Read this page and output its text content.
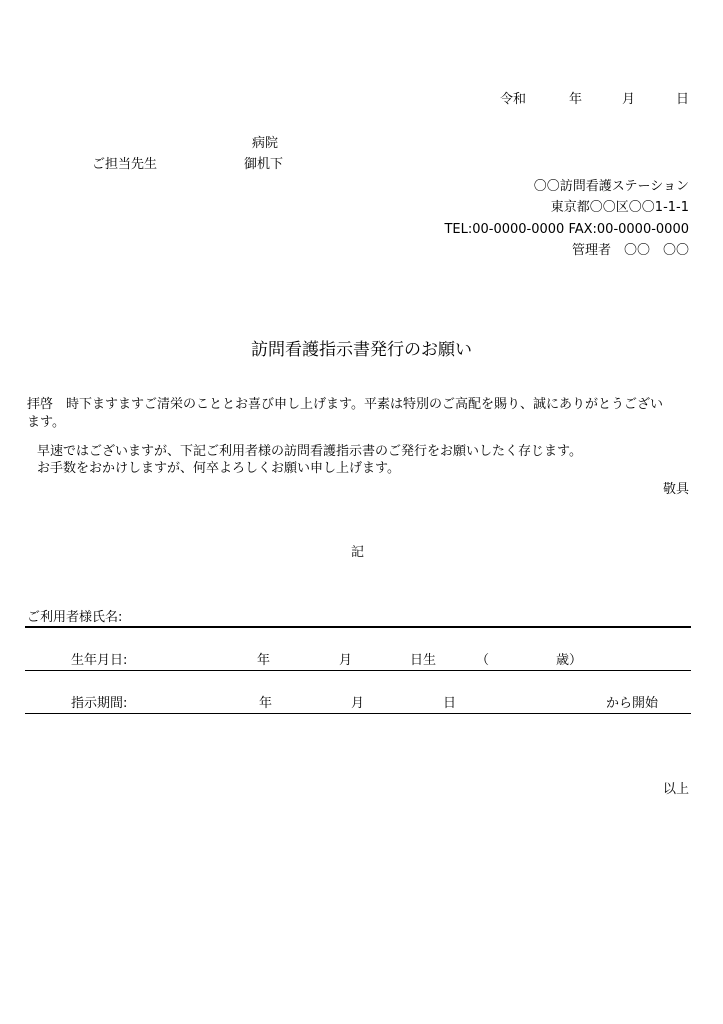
令和	年	月	日
病院
ご担当先生	御机下
〇〇訪問看護ステーション
東京都〇〇区〇〇1-1-1
TEL:00-0000-0000 FAX:00-0000-0000
管理者　〇〇　〇〇
訪問看護指示書発行のお願い
拝啓　時下ますますご清栄のこととお喜び申し上げます。平素は特別のご高配を賜り、誠にありがとうござい
ます。
早速ではございますが、下記ご利用者様の訪問看護指示書のご発行をお願いしたく存じます。
お手数をおかけしますが、何卒よろしくお願い申し上げます。
敬具
記
ご利用者様氏名:
生年月日:	年	月	日生	（	歳）
指示期間:	年	月	日	から開始
以上
